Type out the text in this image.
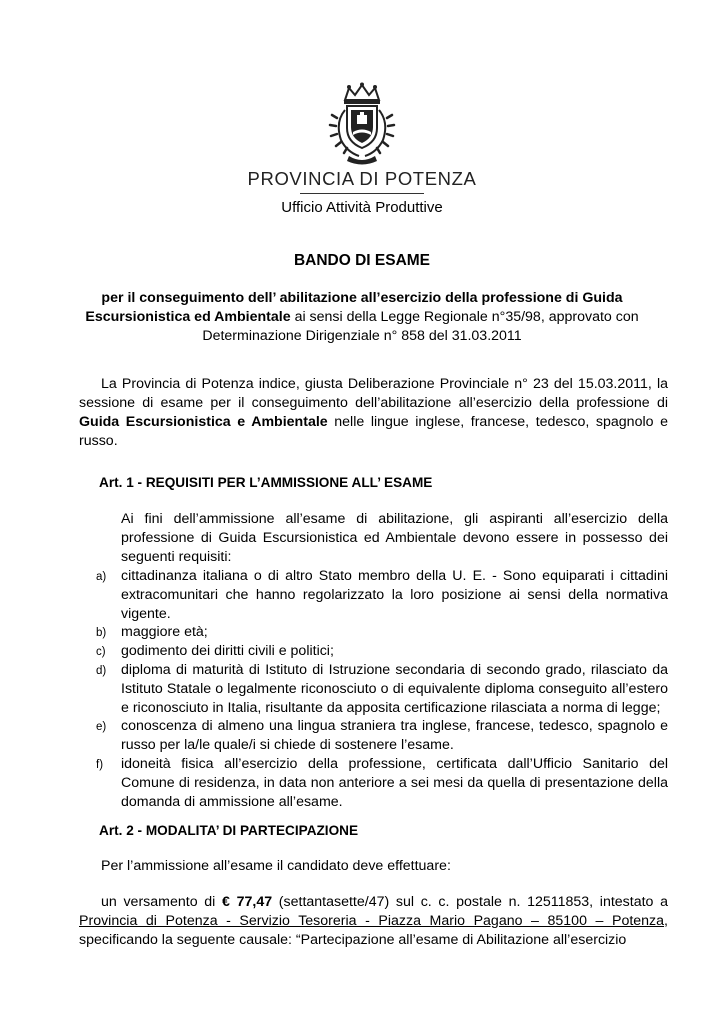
PROVINCIA DI POTENZA
Ufficio Attività Produttive
BANDO DI ESAME
per il conseguimento dell’ abilitazione all’esercizio della professione di Guida Escursionistica ed Ambientale ai sensi della Legge Regionale n°35/98, approvato con Determinazione Dirigenziale n° 858 del 31.03.2011
La Provincia di Potenza indice, giusta Deliberazione Provinciale n° 23 del 15.03.2011, la sessione di esame per il conseguimento dell’abilitazione all’esercizio della professione di Guida Escursionistica e Ambientale nelle lingue inglese, francese, tedesco, spagnolo e russo.
Art. 1 - REQUISITI PER L’AMMISSIONE ALL’ ESAME
Ai fini dell’ammissione all’esame di abilitazione, gli aspiranti all’esercizio della professione di Guida Escursionistica ed Ambientale devono essere in possesso dei seguenti requisiti:
a) cittadinanza italiana o di altro Stato membro della U. E. - Sono equiparati i cittadini extracomunitari che hanno regolarizzato la loro posizione ai sensi della normativa vigente.
b) maggiore età;
c) godimento dei diritti civili e politici;
d) diploma di maturità di Istituto di Istruzione secondaria di secondo grado, rilasciato da Istituto Statale o legalmente riconosciuto o di equivalente diploma conseguito all’estero e riconosciuto in Italia, risultante da apposita certificazione rilasciata a norma di legge;
e) conoscenza di almeno una lingua straniera tra inglese, francese, tedesco, spagnolo e russo per la/le quale/i si chiede di sostenere l’esame.
f) idoneità fisica all’esercizio della professione, certificata dall’Ufficio Sanitario del Comune di residenza, in data non anteriore a sei mesi da quella di presentazione della domanda di ammissione all’esame.
Art. 2 - MODALITA’ DI PARTECIPAZIONE
Per l’ammissione all’esame il candidato deve effettuare:
un versamento di € 77,47 (settantasette/47) sul c. c. postale n. 12511853, intestato a Provincia di Potenza - Servizio Tesoreria - Piazza Mario Pagano – 85100 – Potenza, specificando la seguente causale: “Partecipazione all’esame di Abilitazione all’esercizio
